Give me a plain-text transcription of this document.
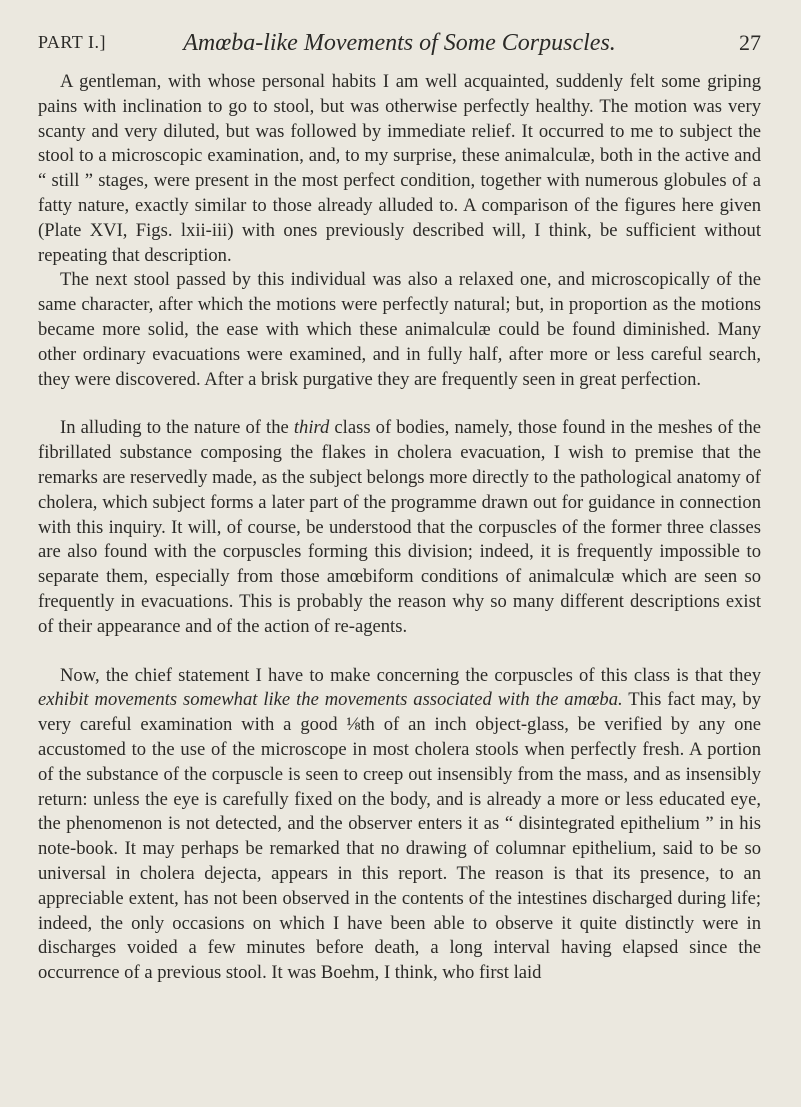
PART I.]	Amœba-like Movements of Some Corpuscles.	27

A gentleman, with whose personal habits I am well acquainted, suddenly felt some griping pains with inclination to go to stool, but was otherwise perfectly healthy. The motion was very scanty and very diluted, but was followed by immediate relief. It occurred to me to subject the stool to a microscopic examination, and, to my surprise, these animalculæ, both in the active and “ still ” stages, were present in the most perfect condition, together with numerous globules of a fatty nature, exactly similar to those already alluded to. A comparison of the figures here given (Plate XVI, Figs. lxii-iii) with ones previously described will, I think, be sufficient without repeating that description.

The next stool passed by this individual was also a relaxed one, and microscopically of the same character, after which the motions were perfectly natural; but, in proportion as the motions became more solid, the ease with which these animalculæ could be found diminished. Many other ordinary evacuations were examined, and in fully half, after more or less careful search, they were discovered. After a brisk purgative they are frequently seen in great perfection.

In alluding to the nature of the third class of bodies, namely, those found in the meshes of the fibrillated substance composing the flakes in cholera evacuation, I wish to premise that the remarks are reservedly made, as the subject belongs more directly to the pathological anatomy of cholera, which subject forms a later part of the programme drawn out for guidance in connection with this inquiry. It will, of course, be understood that the corpuscles of the former three classes are also found with the corpuscles forming this division; indeed, it is frequently impossible to separate them, especially from those amœbiform conditions of animalculæ which are seen so frequently in evacuations. This is probably the reason why so many different descriptions exist of their appearance and of the action of re-agents.

Now, the chief statement I have to make concerning the corpuscles of this class is that they exhibit movements somewhat like the movements associated with the amœba. This fact may, by very careful examination with a good ⅛th of an inch object-glass, be verified by any one accustomed to the use of the microscope in most cholera stools when perfectly fresh. A portion of the substance of the corpuscle is seen to creep out insensibly from the mass, and as insensibly return: unless the eye is carefully fixed on the body, and is already a more or less educated eye, the phenomenon is not detected, and the observer enters it as “ disintegrated epithelium ” in his note-book. It may perhaps be remarked that no drawing of columnar epithelium, said to be so universal in cholera dejecta, appears in this report. The reason is that its presence, to an appreciable extent, has not been observed in the contents of the intestines discharged during life; indeed, the only occasions on which I have been able to observe it quite distinctly were in discharges voided a few minutes before death, a long interval having elapsed since the occurrence of a previous stool. It was Boehm, I think, who first laid
